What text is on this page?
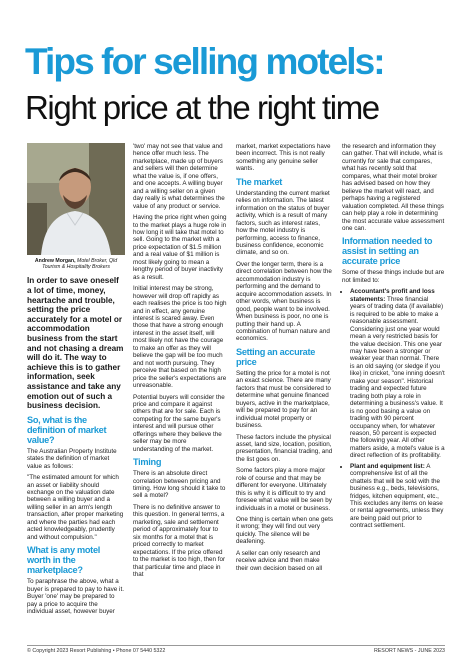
Tips for selling motels:
Right price at the right time
Andrew Morgan, Motel Broker, Qld Tourism & Hospitality Brokers

In order to save oneself a lot of time, money, heartache and trouble, setting the price accurately for a motel or accommodation business from the start and not chasing a dream will do it. The way to achieve this is to gather information, seek assistance and take any emotion out of such a business decision.

So, what is the definition of market value?

The Australian Property Institute states the definition of market value as follows:

"The estimated amount for which an asset or liability should exchange on the valuation date between a willing buyer and a willing seller in an arm's length transaction, after proper marketing and where the parties had each acted knowledgeably, prudently and without compulsion."

What is any motel worth in the marketplace?

To paraphrase the above, what a buyer is prepared to pay to have it. Buyer 'one' may be prepared to pay a price to acquire the individual asset, however buyer

'two' may not see that value and hence offer much less. The marketplace, made up of buyers and sellers will then determine what the value is, if one offers, and one accepts. A willing buyer and a willing seller on a given day really is what determines the value of any product or service.

Having the price right when going to the market plays a huge role in how long it will take that motel to sell. Going to the market with a price expectation of $1.5 million and a real value of $1 million is most likely going to mean a lengthy period of buyer inactivity as a result.

Initial interest may be strong, however will drop off rapidly as each realises the price is too high and in effect, any genuine interest is scared away. Even those that have a strong enough interest in the asset itself, will most likely not have the courage to make an offer as they will believe the gap will be too much and not worth pursuing. They perceive that based on the high price the seller's expectations are unreasonable.

Potential buyers will consider the price and compare it against others that are for sale. Each is competing for the same buyer's interest and will pursue other offerings where they believe the seller may be more understanding of the market.

Timing

There is an absolute direct correlation between pricing and timing. How long should it take to sell a motel?

There is no definitive answer to this question. In general terms, a marketing, sale and settlement period of approximately four to six months for a motel that is priced correctly to market expectations. If the price offered to the market is too high, then for that particular time and place in that

market, market expectations have been incorrect. This is not really something any genuine seller wants.

The market

Understanding the current market relies on information. The latest information on the status of buyer activity, which is a result of many factors, such as interest rates, how the motel industry is performing, access to finance, business confidence, economic climate, and so on.

Over the longer term, there is a direct correlation between how the accommodation industry is performing and the demand to acquire accommodation assets. In other words, when business is good, people want to be involved. When business is poor, no one is putting their hand up. A combination of human nature and economics.

Setting an accurate price

Setting the price for a motel is not an exact science. There are many factors that must be considered to determine what genuine financed buyers, active in the marketplace, will be prepared to pay for an individual motel property or business.

These factors include the physical asset, land size, location, position, presentation, financial trading, and the list goes on.

Some factors play a more major role of course and that may be different for everyone. Ultimately this is why it is difficult to try and foresee what value will be seen by individuals in a motel or business.

One thing is certain when one gets it wrong; they will find out very quickly. The silence will be deafening.

A seller can only research and receive advice and then make their own decision based on all

the research and information they can gather. That will include, what is currently for sale that compares, what has recently sold that compares, what their motel broker has advised based on how they believe the market will react, and perhaps having a registered valuation completed. All these things can help play a role in determining the most accurate value assessment one can.

Information needed to assist in setting an accurate price

Some of these things include but are not limited to:

• Accountant's profit and loss statements: Three financial years of trading data (if available) is required to be able to make a reasonable assessment. Considering just one year would mean a very restricted basis for the value decision. This one year may have been a stronger or weaker year than normal. There is an old saying (or sledge if you like) in cricket, "one inning doesn't make your season". Historical trading and expected future trading both play a role in determining a business's value. It is no good basing a value on trading with 90 percent occupancy when, for whatever reason, 50 percent is expected the following year. All other matters aside, a motel's value is a direct reflection of its profitability.
• Plant and equipment list: A comprehensive list of all the chattels that will be sold with the business e.g., beds, televisions, fridges, kitchen equipment, etc., This excludes any items on lease or rental agreements, unless they are being paid out prior to contract settlement.
© Copyright 2023 Resort Publishing • Phone 07 5440 5322	RESORT NEWS - JUNE 2023
